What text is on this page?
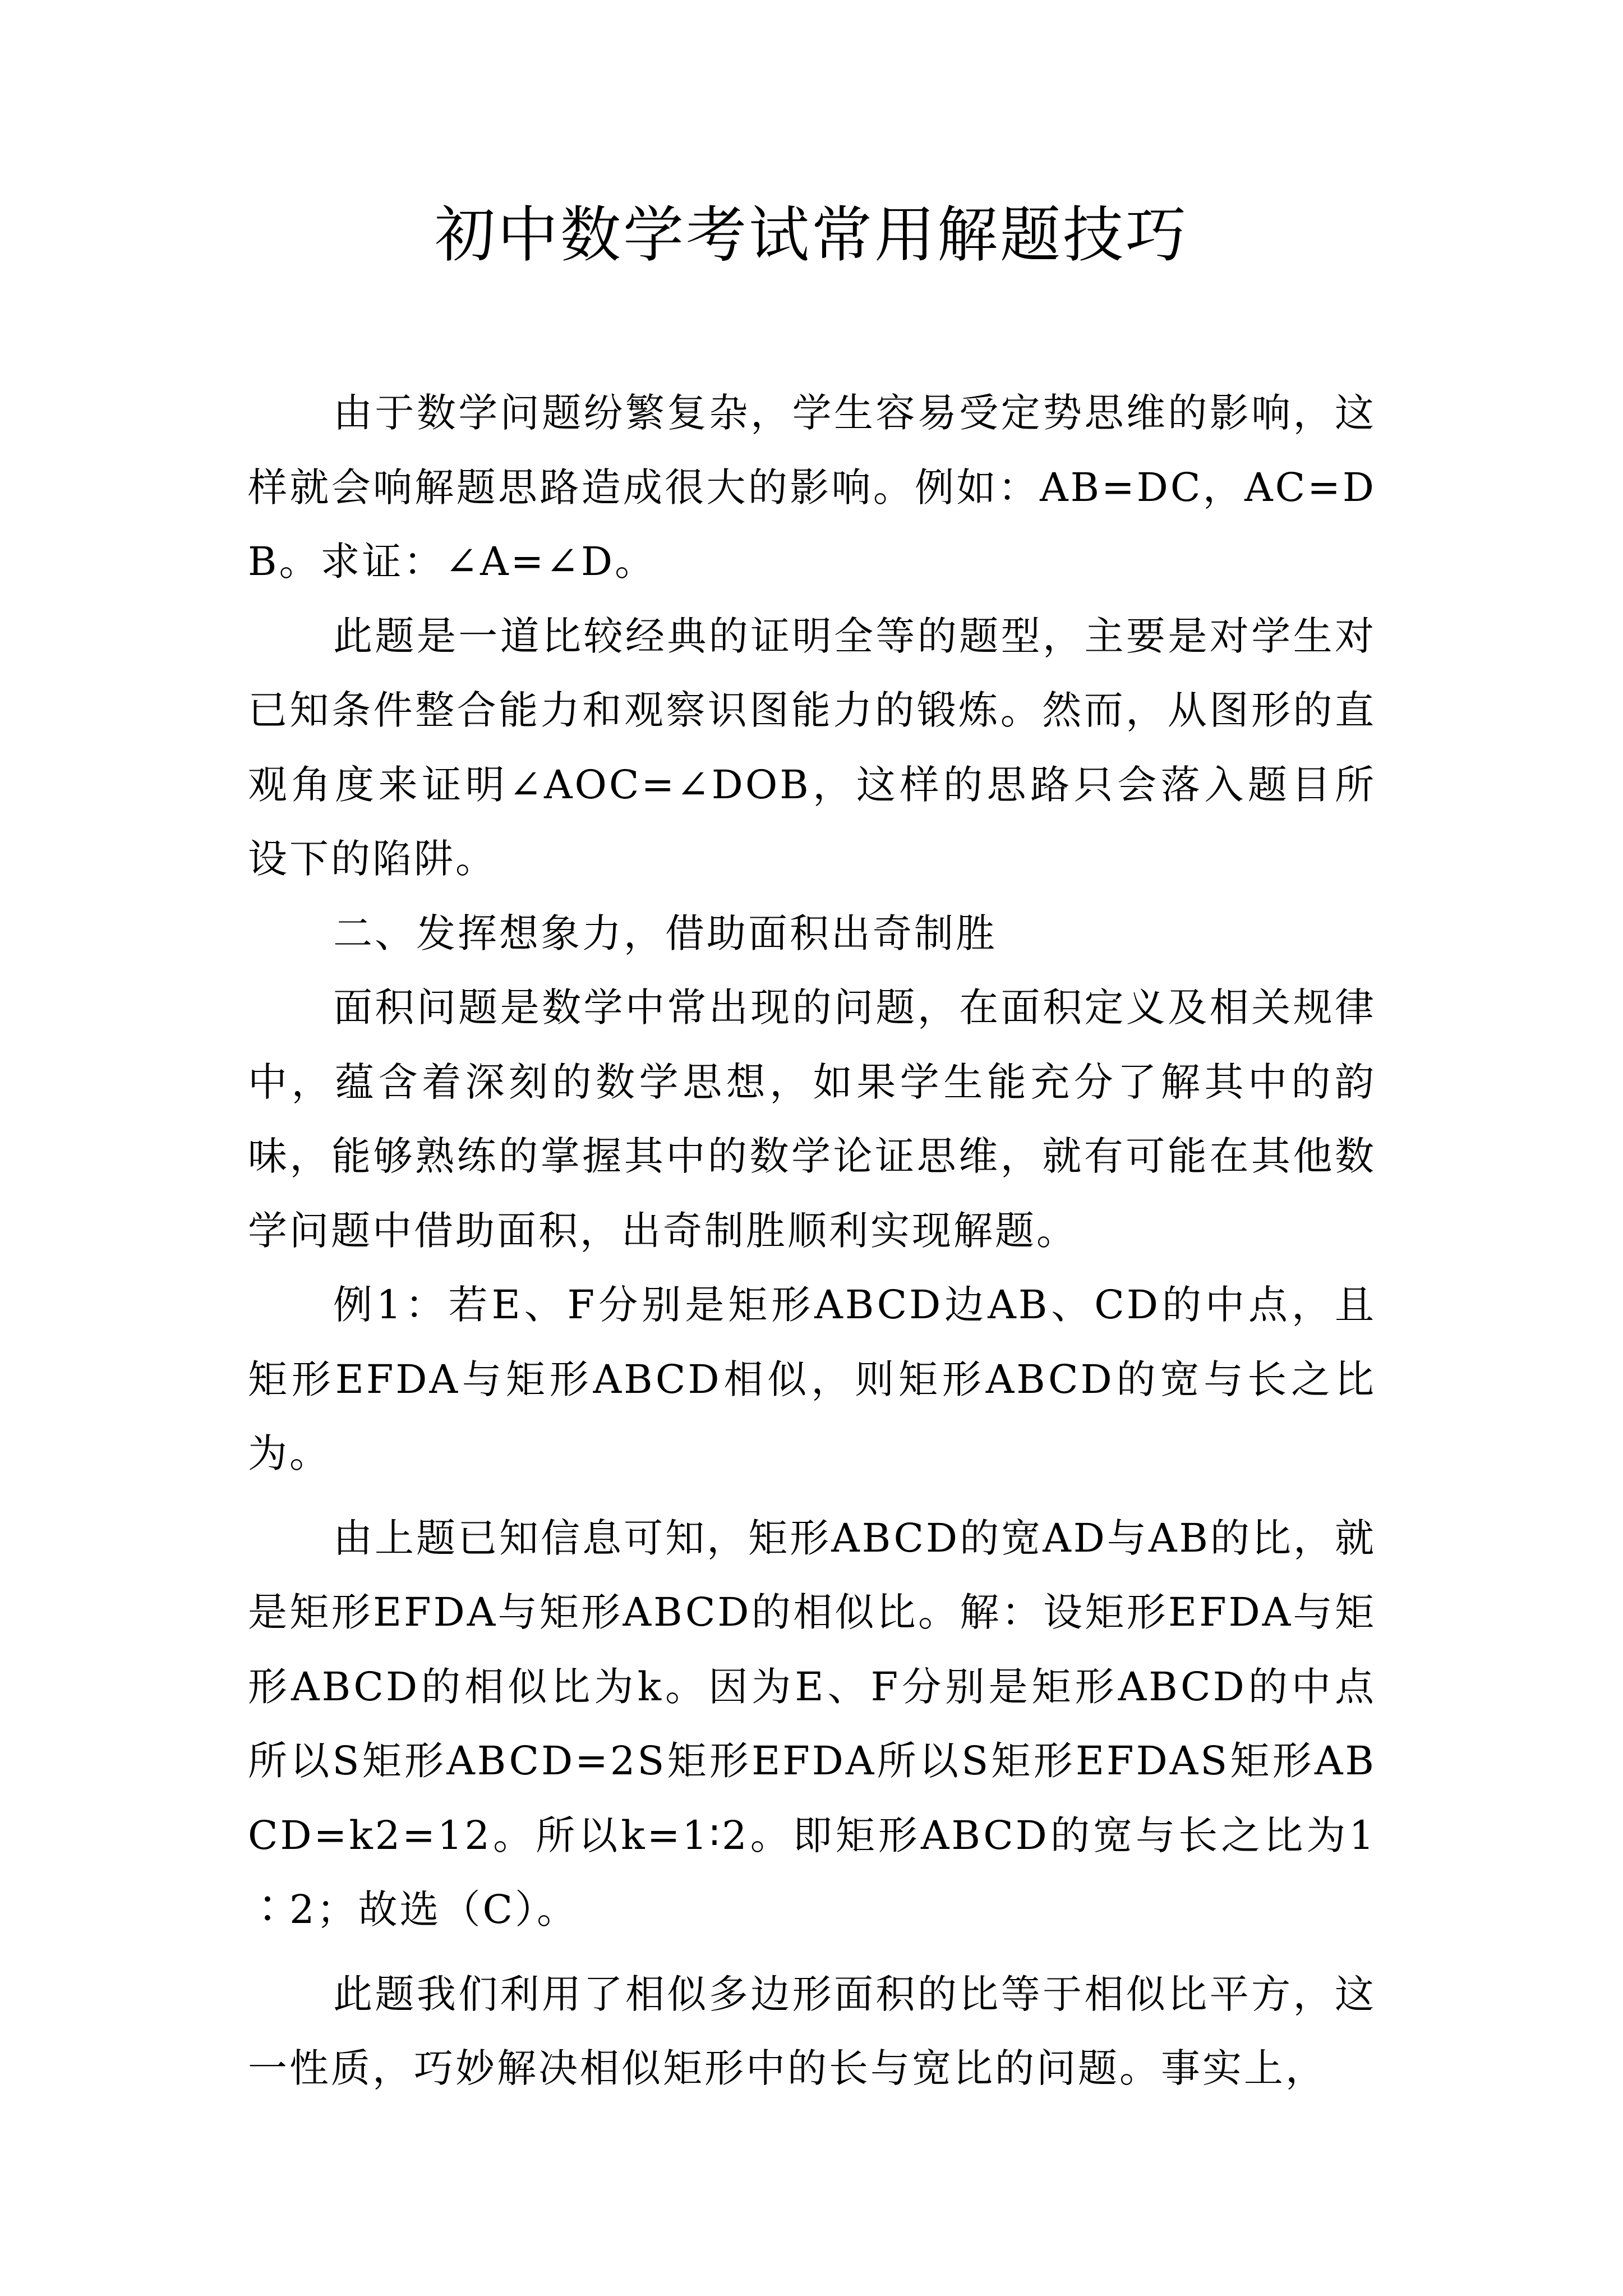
初中数学考试常用解题技巧

由于数学问题纷繁复杂，学生容易受定势思维的影响，这样就会响解题思路造成很大的影响。例如：AB=DC，AC=DB。求证：∠A=∠D。

此题是一道比较经典的证明全等的题型，主要是对学生对已知条件整合能力和观察识图能力的锻炼。然而，从图形的直观角度来证明∠AOC=∠DOB，这样的思路只会落入题目所设下的陷阱。

二、发挥想象力，借助面积出奇制胜

面积问题是数学中常出现的问题，在面积定义及相关规律中，蕴含着深刻的数学思想，如果学生能充分了解其中的韵味，能够熟练的掌握其中的数学论证思维，就有可能在其他数学问题中借助面积，出奇制胜顺利实现解题。

例1：若E、F分别是矩形ABCD边AB、CD的中点，且矩形EFDA与矩形ABCD相似，则矩形ABCD的宽与长之比为。

由上题已知信息可知，矩形ABCD的宽AD与AB的比，就是矩形EFDA与矩形ABCD的相似比。解：设矩形EFDA与矩形ABCD的相似比为k。因为E、F分别是矩形ABCD的中点所以S矩形ABCD=2S矩形EFDA所以S矩形EFDAS矩形ABCD=k2=12。所以k=1∶2。即矩形ABCD的宽与长之比为1∶2；故选（C）。

此题我们利用了相似多边形面积的比等于相似比平方，这一性质，巧妙解决相似矩形中的长与宽比的问题。事实上，
